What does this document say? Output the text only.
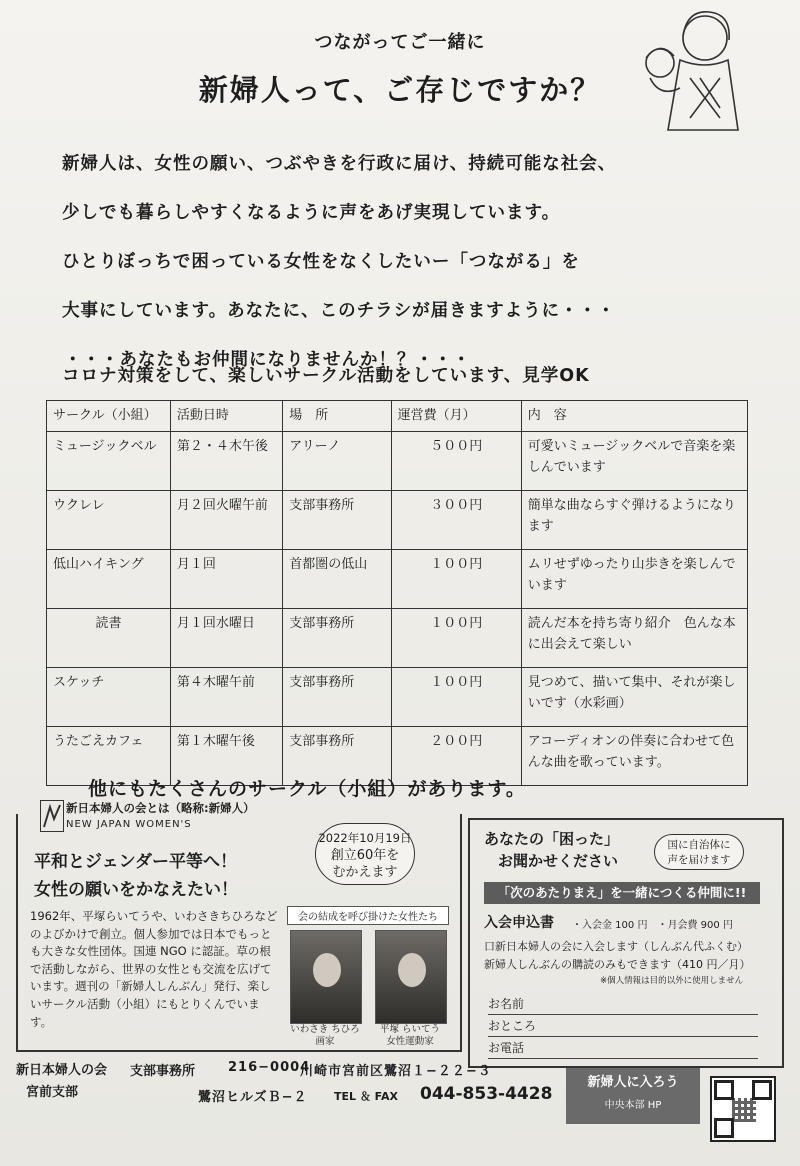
つながってご一緒に
新婦人って、ご存じですか？
新婦人は、女性の願い、つぶやきを行政に届け、持続可能な社会、
少しでも暮らしやすくなるように声をあげ実現しています。
ひとりぼっちで困っている女性をなくしたいー「つながる」を
大事にしています。あなたに、このチラシが届きますように・・・
・・・あなたもお仲間になりませんか！？・・・
コロナ対策をして、楽しいサークル活動をしています、見学OK
サークル（小組）	活動日時	場　所	運営費（月）	内　容
ミュージックベル	第２・４木午後	アリーノ	５００円	可愛いミュージックベルで音楽を楽しんでいます
ウクレレ	月２回火曜午前	支部事務所	３００円	簡単な曲ならすぐ弾けるようになります
低山ハイキング	月１回	首都圏の低山	１００円	ムリせずゆったり山歩きを楽しんでいます
読書	月１回水曜日	支部事務所	１００円	読んだ本を持ち寄り紹介　色んな本に出会えて楽しい
スケッチ	第４木曜午前	支部事務所	１００円	見つめて、描いて集中、それが楽しいです（水彩画）
うたごえカフェ	第１木曜午後	支部事務所	２００円	アコーディオンの伴奏に合わせて色んな曲を歌っています。
他にもたくさんのサークル（小組）があります。
新日本婦人の会とは（略称:新婦人）
NEW JAPAN WOMEN'S
2022年10月19日
創立60年を
むかえます
平和とジェンダー平等へ！
女性の願いをかなえたい！
1962年、平塚らいてうや、いわさきちひろなどのよびかけで創立。個人参加では日本でもっとも大きな女性団体。国連 NGO に認証。草の根で活動しながら、世界の女性とも交流を広げています。週刊の「新婦人しんぶん」発行、楽しいサークル活動（小組）にもとりくんでいます。
会の結成を呼び掛けた女性たち
いわさき ちひろ
画家
平塚 らいてう
女性運動家
あなたの「困った」
お聞かせください
国に自治体に
声を届けます
「次のあたりまえ」を一緒につくる仲間に!!
入会申込書 ・入会金 100 円　・月会費 900 円
口新日本婦人の会に入会します（しんぶん代ふくむ）
新婦人しんぶんの購読のみもできます（410 円／月）
※個人情報は目的以外に使用しません
お名前
おところ
お電話
新日本婦人の会
宮前支部
支部事務所	216−0004
川崎市宮前区鷺沼１−２２−３
鷺沼ヒルズＢ−２ TEL ＆ FAX 044-853-4428
新婦人に入ろう
中央本部 HP
